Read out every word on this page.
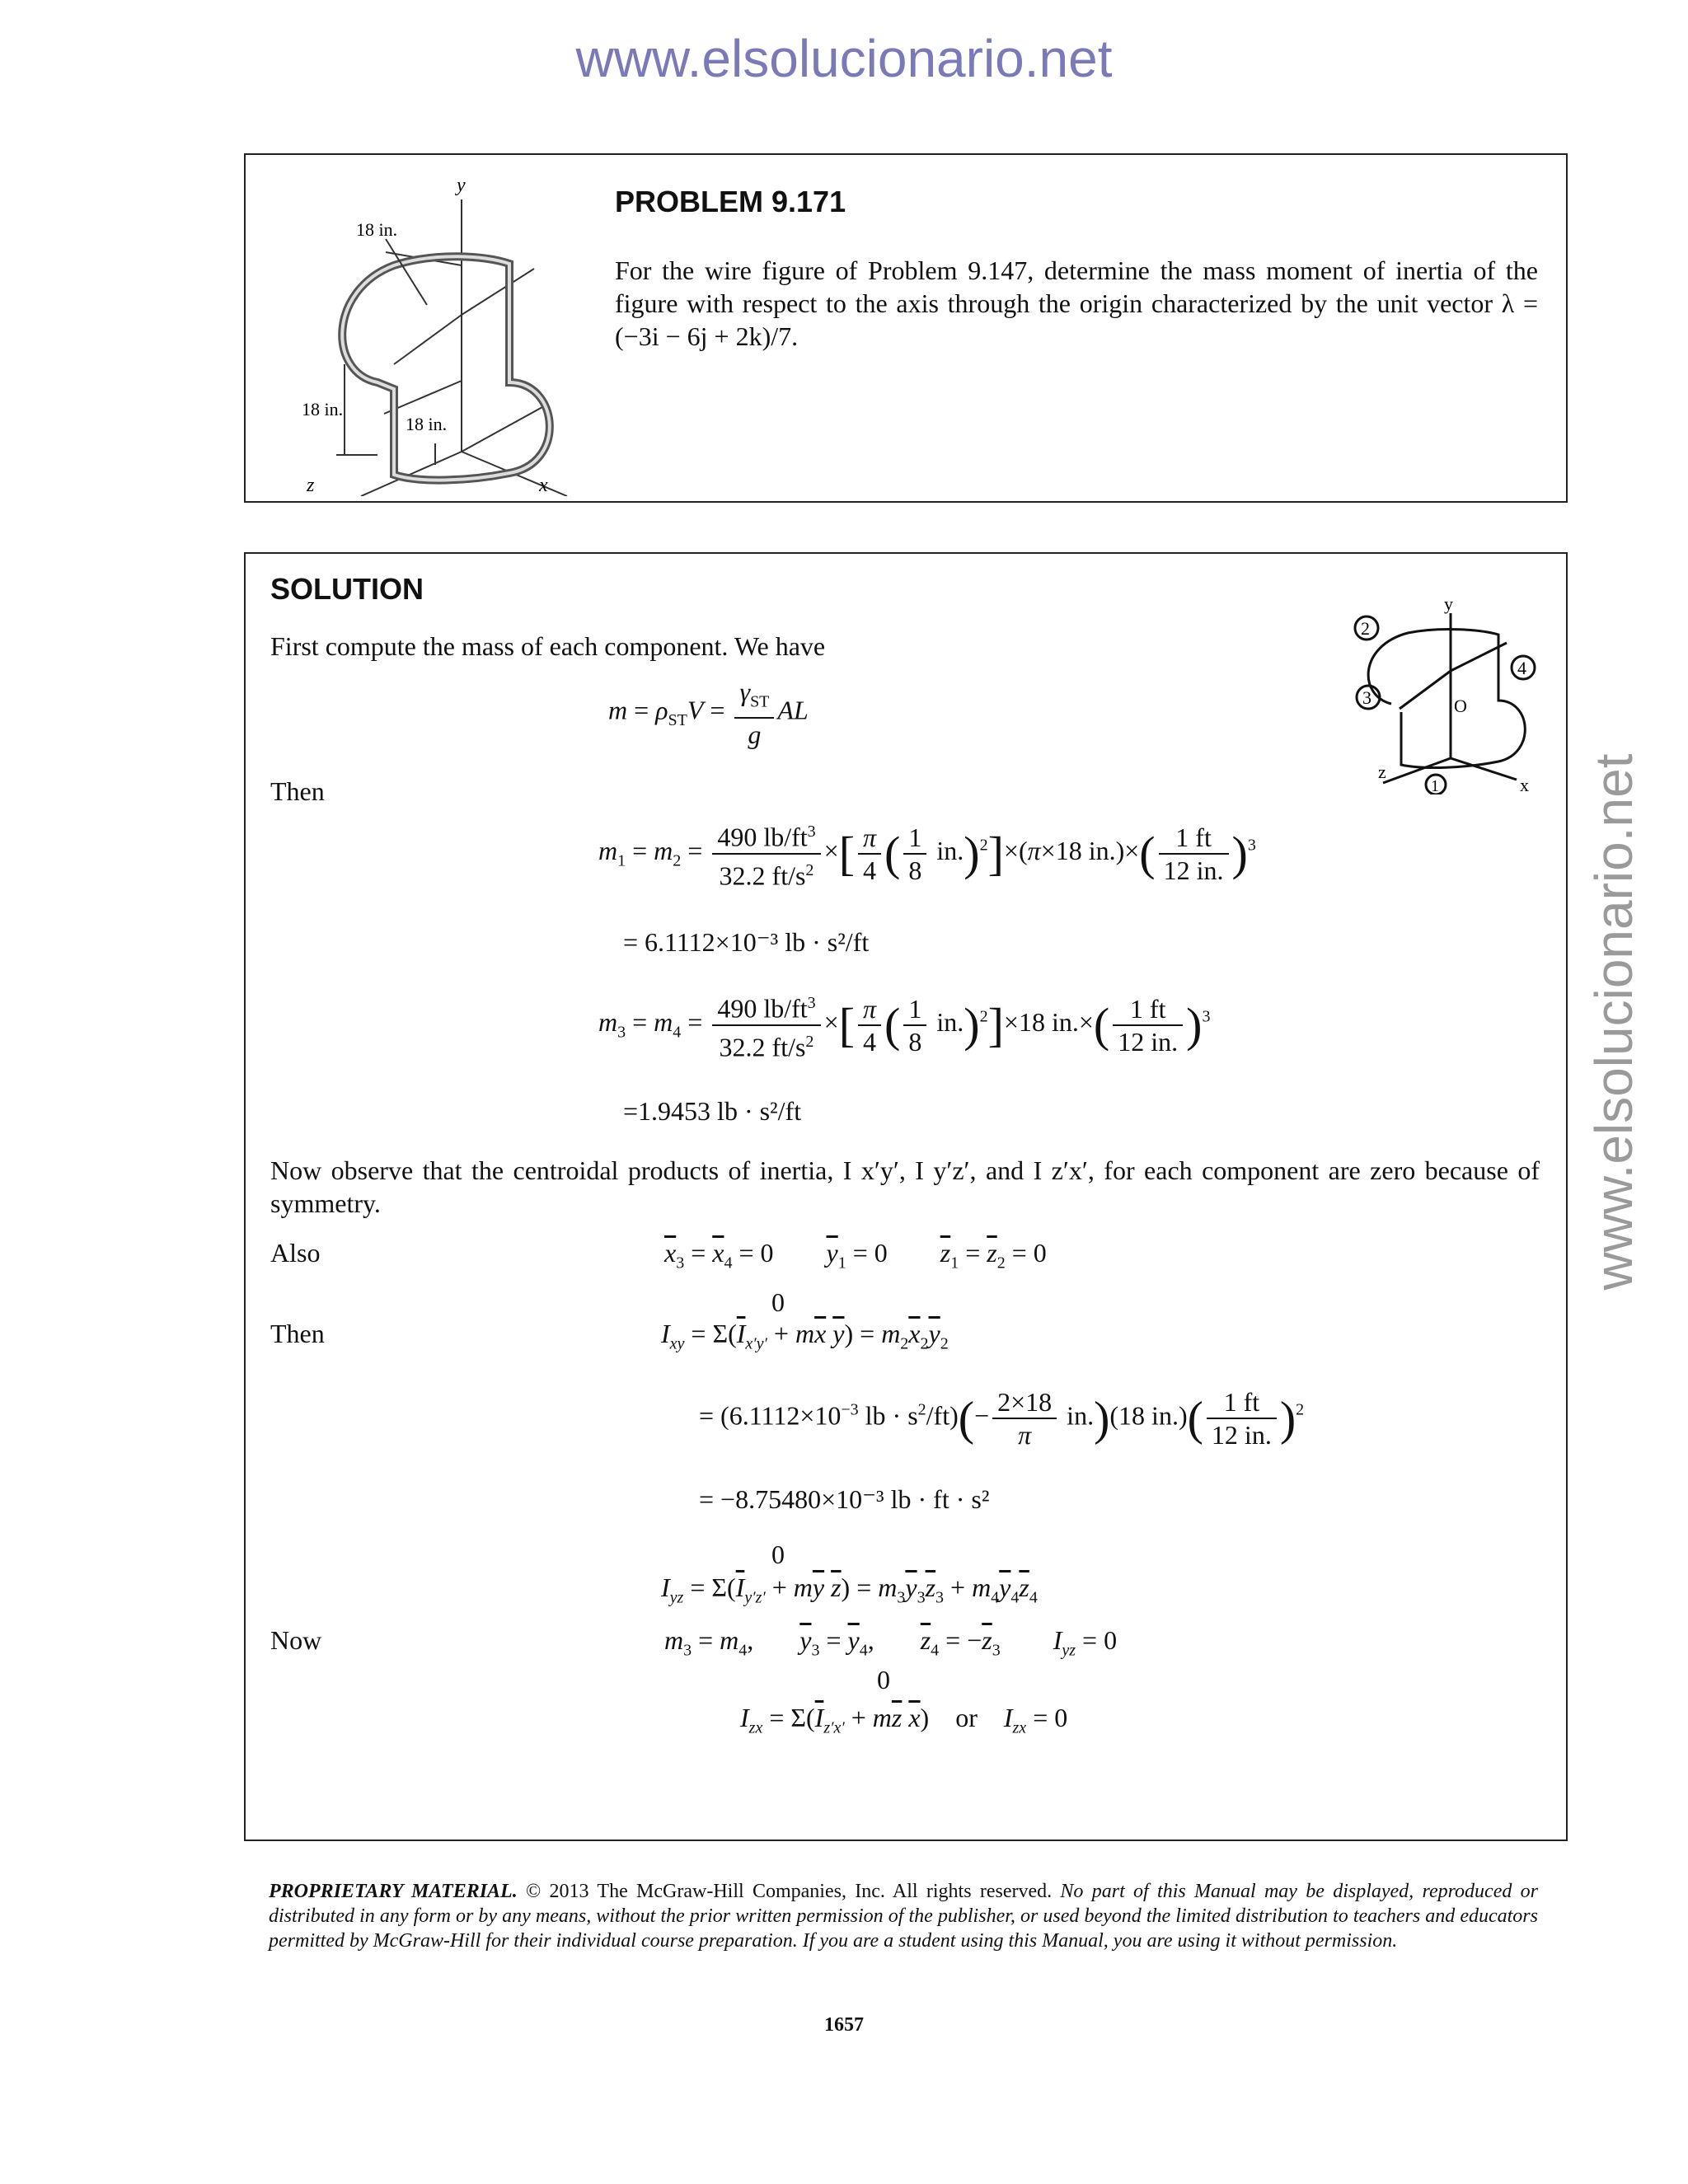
www.elsolucionario.net
www.elsolucionario.net
y
18 in.
18 in.
18 in.
z	x
PROBLEM 9.171
For the wire figure of Problem 9.147, determine the mass moment of inertia of the figure with respect to the axis through the origin characterized by the unit vector λ = (−3i − 6j + 2k)/7.
SOLUTION
2
3
4
1
y
O
z
x
First compute the mass of each component. We have
$m = \rho_{ST}V = \frac{\gamma_{ST}}{g}$ AL
Then
$m_1 = m_2 = \frac{490 lb/ft^3}{32.2 ft/s^2}$ ×[ $\frac{\pi}{4}$ ( $\frac{1}{8} in.)^2]\times(\pi\times 18$ $in.)\times( \frac{1 ft}{12 in.} )^3$
= 6.1112×10⁻³ lb · s²/ft
$m_3 = m_4 = \frac{490 lb/ft^3}{32.2 ft/s^2}$ ×[ $\frac{\pi}{4}$ ( $\frac{1}{8} in.)^2]\times 18$ $in.\times( \frac{1 ft}{12 in.} )^3$
=1.9453 lb · s²/ft
Now observe that the centroidal products of inertia, I x′y′, I y′z′, and I z′x′, for each component are zero because of symmetry.
Also	$\overline{x}_3 = \overline{x}_4 = 0$        $\overline{y}_1 = 0$        $\overline{z}_1 = \overline{z}_2 = 0$
Then
0
$I_{xy} = \Sigma(\overline{I}_{x'y'} + m\overline{x}$ $\overline{y}) = m_2\overline{x}_2\overline{y}_2$
= ($6.1112\times 10^{-3}$ lb · $s^2/ft)(- \frac{2\times 18}{\pi} in.)(18$ $in.)( \frac{1 ft}{12 in.} )^2$
= −8.75480×10⁻³ lb · ft · s²
0
$I_{yz} = \Sigma(\overline{I}_{y'z'} + m\overline{y}$ $\overline{z}) = m_3\overline{y}_3\overline{z}_3 + m_4\overline{y}_4\overline{z}_4$
Now	$m_3 = m_4$,       $\overline{y}_3 = \overline{y}_4$,       $\overline{z}_4 = -\overline{z}_3$ $I_{yz} = 0$
0
$I_{zx} = \Sigma(\overline{I}_{z'x'} + m\overline{z}$ $\overline{x}$)    or $I_{zx} = 0$
PROPRIETARY MATERIAL. © 2013 The McGraw-Hill Companies, Inc. All rights reserved. No part of this Manual may be displayed, reproduced or distributed in any form or by any means, without the prior written permission of the publisher, or used beyond the limited distribution to teachers and educators permitted by McGraw-Hill for their individual course preparation. If you are a student using this Manual, you are using it without permission.
1657
